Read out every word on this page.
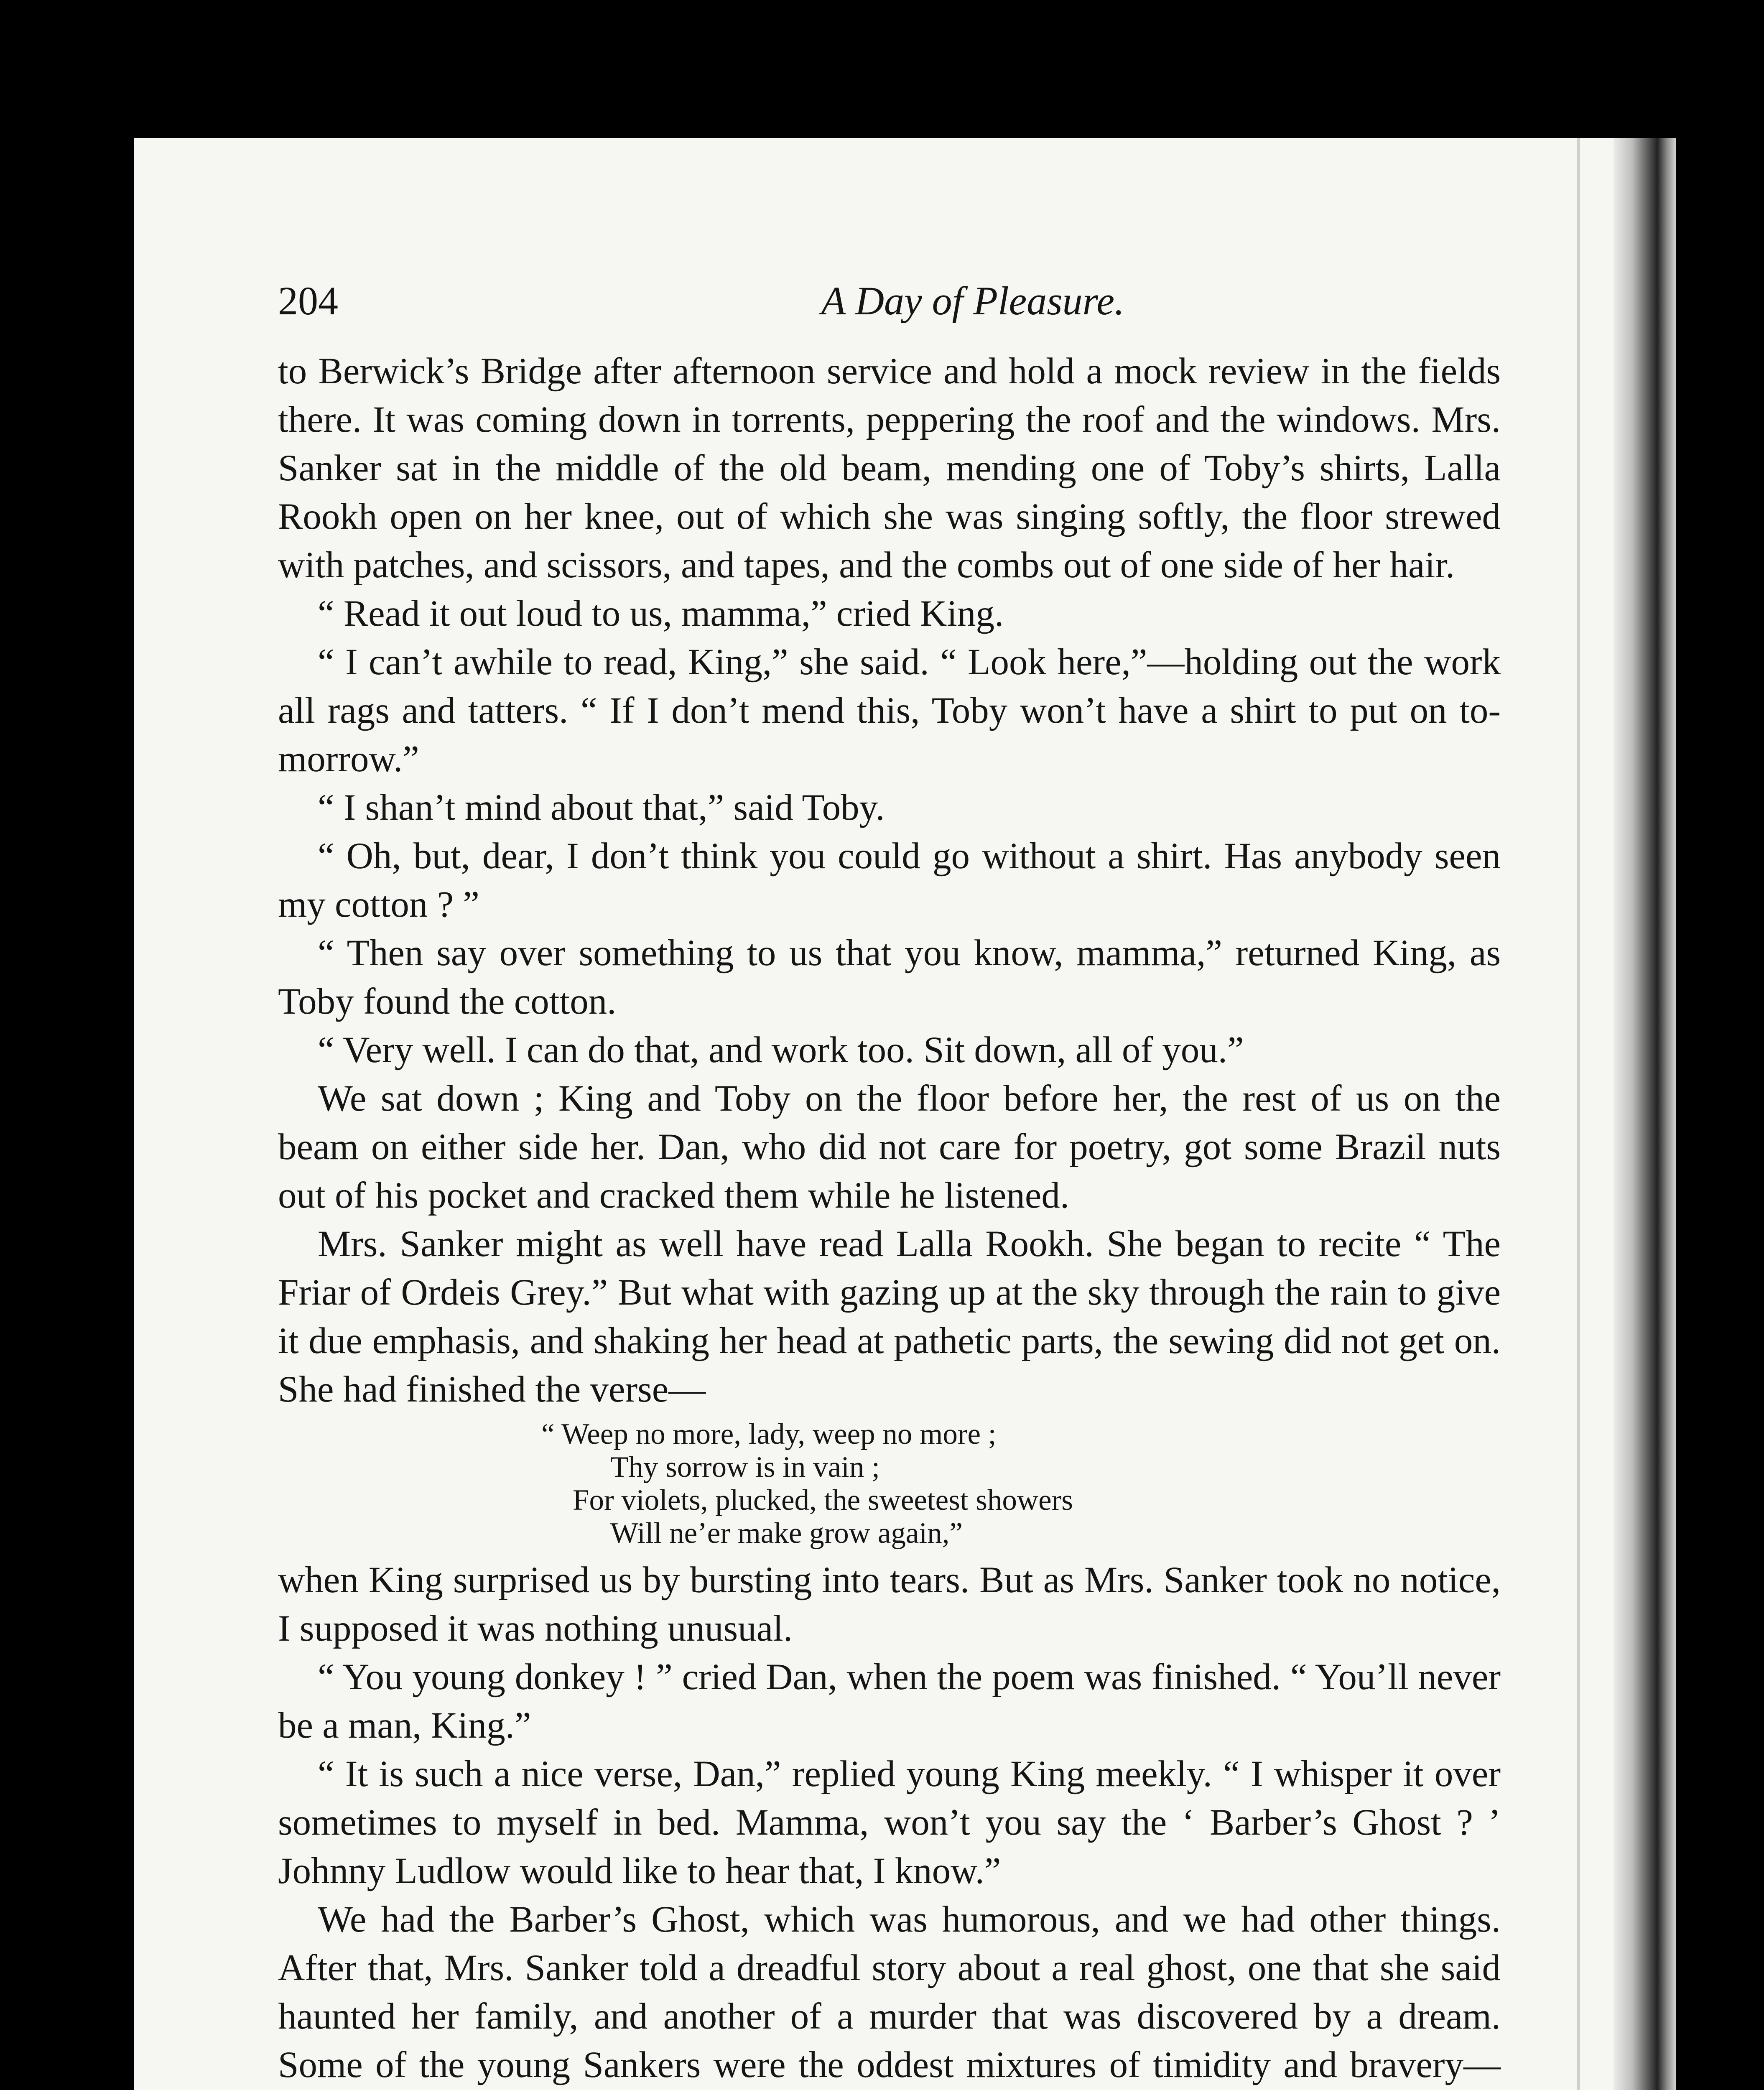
204	A Day of Pleasure.

to Berwick’s Bridge after afternoon service and hold a mock review in the fields there. It was coming down in torrents, peppering the roof and the windows. Mrs. Sanker sat in the middle of the old beam, mending one of Toby’s shirts, Lalla Rookh open on her knee, out of which she was singing softly, the floor strewed with patches, and scissors, and tapes, and the combs out of one side of her hair.

“ Read it out loud to us, mamma,” cried King.

“ I can’t awhile to read, King,” she said. “ Look here,”—holding out the work all rags and tatters. “ If I don’t mend this, Toby won’t have a shirt to put on to-morrow.”

“ I shan’t mind about that,” said Toby.

“ Oh, but, dear, I don’t think you could go without a shirt. Has anybody seen my cotton ? ”

“ Then say over something to us that you know, mamma,” returned King, as Toby found the cotton.

“ Very well. I can do that, and work too. Sit down, all of you.”

We sat down ; King and Toby on the floor before her, the rest of us on the beam on either side her. Dan, who did not care for poetry, got some Brazil nuts out of his pocket and cracked them while he listened.

Mrs. Sanker might as well have read Lalla Rookh. She began to recite “ The Friar of Ordeis Grey.” But what with gazing up at the sky through the rain to give it due emphasis, and shaking her head at pathetic parts, the sewing did not get on. She had finished the verse—

“ Weep no more, lady, weep no more ;
Thy sorrow is in vain ;
For violets, plucked, the sweetest showers
Will ne’er make grow again,”

when King surprised us by bursting into tears. But as Mrs. Sanker took no notice, I supposed it was nothing unusual.

“ You young donkey ! ” cried Dan, when the poem was finished. “ You’ll never be a man, King.”

“ It is such a nice verse, Dan,” replied young King meekly. “ I whisper it over sometimes to myself in bed. Mamma, won’t you say the ‘ Barber’s Ghost ? ’ Johnny Ludlow would like to hear that, I know.”

We had the Barber’s Ghost, which was humorous, and we had other things. After that, Mrs. Sanker told a dreadful story about a real ghost, one that she said haunted her family, and another of a murder that was discovered by a dream. Some of the young Sankers were the oddest mixtures of timidity and bravery—
